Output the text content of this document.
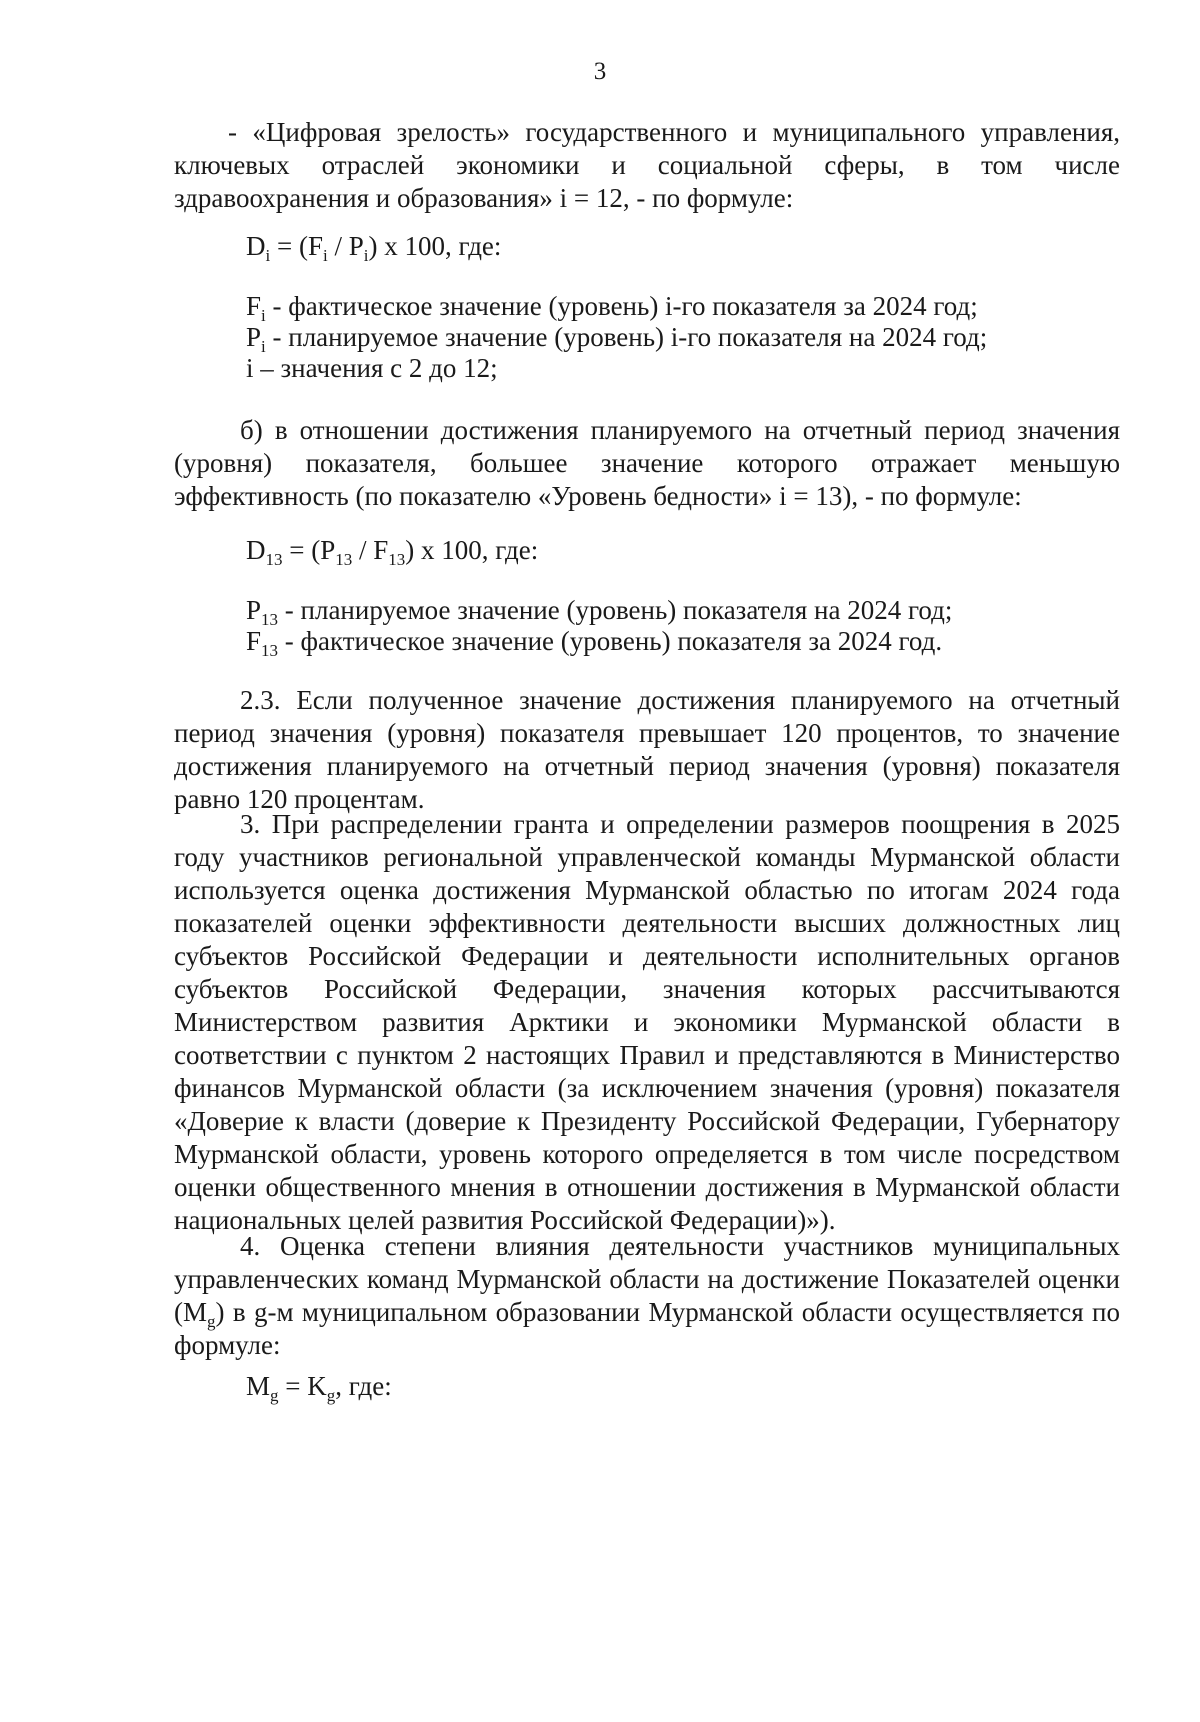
3

- «Цифровая зрелость» государственного и муниципального управления, ключевых отраслей экономики и социальной сферы, в том числе здравоохранения и образования» i = 12, - по формуле:

$D_i = (F_i / P_i)$ х 100, где:

$F_i$ - фактическое значение (уровень) i-го показателя за 2024 год;

$P_i$ - планируемое значение (уровень) i-го показателя на 2024 год;

i – значения с 2 до 12;

б) в отношении достижения планируемого на отчетный период значения (уровня) показателя, большее значение которого отражает меньшую эффективность (по показателю «Уровень бедности» i = 13), - по формуле:

$D_{13} = (P_{13} / F_{13})$ х 100, где:

$P_{13}$ - планируемое значение (уровень) показателя на 2024 год;

$F_{13}$ - фактическое значение (уровень) показателя за 2024 год.

2.3. Если полученное значение достижения планируемого на отчетный период значения (уровня) показателя превышает 120 процентов, то значение достижения планируемого на отчетный период значения (уровня) показателя равно 120 процентам.

3. При распределении гранта и определении размеров поощрения в 2025 году участников региональной управленческой команды Мурманской области используется оценка достижения Мурманской областью по итогам 2024 года показателей оценки эффективности деятельности высших должностных лиц субъектов Российской Федерации и деятельности исполнительных органов субъектов Российской Федерации, значения которых рассчитываются Министерством развития Арктики и экономики Мурманской области в соответствии с пунктом 2 настоящих Правил и представляются в Министерство финансов Мурманской области (за исключением значения (уровня) показателя «Доверие к власти (доверие к Президенту Российской Федерации, Губернатору Мурманской области, уровень которого определяется в том числе посредством оценки общественного мнения в отношении достижения в Мурманской области национальных целей развития Российской Федерации)»).

4. Оценка степени влияния деятельности участников муниципальных управленческих команд Мурманской области на достижение Показателей оценки $(M_g)$ в g-м муниципальном образовании Мурманской области осуществляется по формуле:

$M_g = K_g$, где:
